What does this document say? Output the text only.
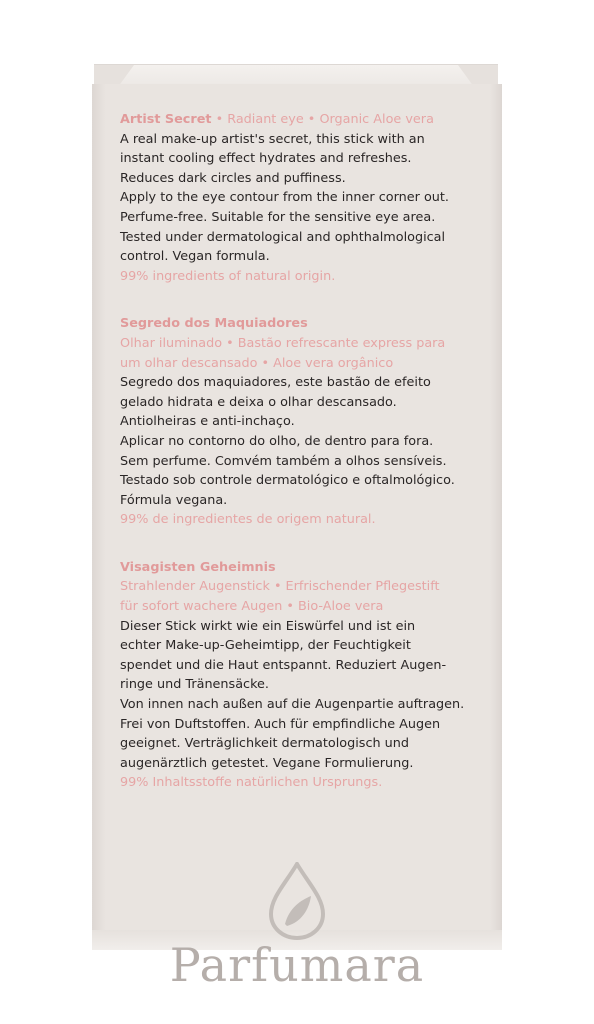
Artist Secret • Radiant eye • Organic Aloe vera
A real make-up artist's secret, this stick with an
instant cooling effect hydrates and refreshes.
Reduces dark circles and puffiness.
Apply to the eye contour from the inner corner out.
Perfume-free. Suitable for the sensitive eye area.
Tested under dermatological and ophthalmological
control. Vegan formula.
99% ingredients of natural origin.
Segredo dos Maquiadores
Olhar iluminado • Bastão refrescante express para
um olhar descansado • Aloe vera orgânico
Segredo dos maquiadores, este bastão de efeito
gelado hidrata e deixa o olhar descansado.
Antiolheiras e anti-inchaço.
Aplicar no contorno do olho, de dentro para fora.
Sem perfume. Comvém também a olhos sensíveis.
Testado sob controle dermatológico e oftalmológico.
Fórmula vegana.
99% de ingredientes de origem natural.
Visagisten Geheimnis
Strahlender Augenstick • Erfrischender Pflegestift
für sofort wachere Augen • Bio-Aloe vera
Dieser Stick wirkt wie ein Eiswürfel und ist ein
echter Make-up-Geheimtipp, der Feuchtigkeit
spendet und die Haut entspannt. Reduziert Augen-
ringe und Tränensäcke.
Von innen nach außen auf die Augenpartie auftragen.
Frei von Duftstoffen. Auch für empfindliche Augen
geeignet. Verträglichkeit dermatologisch und
augenärztlich getestet. Vegane Formulierung.
99% Inhaltsstoffe natürlichen Ursprungs.
Parfumara
